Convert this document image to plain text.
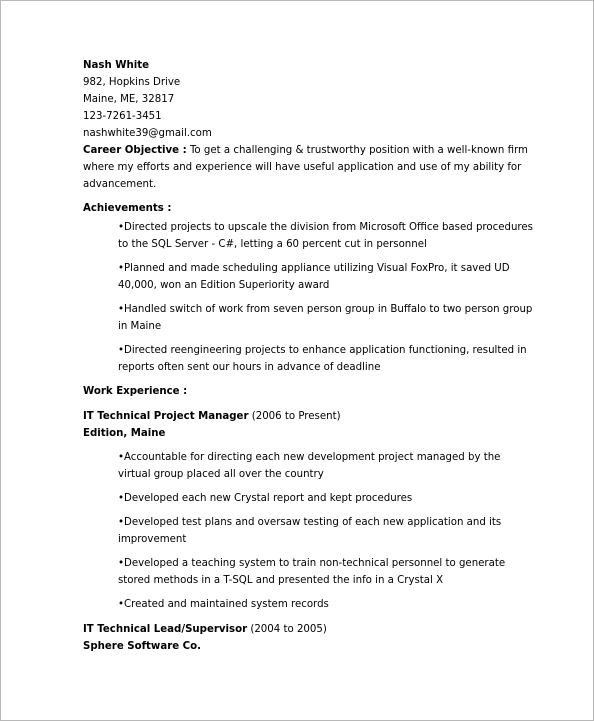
Nash White
982, Hopkins Drive
Maine, ME, 32817
123-7261-3451
nashwhite39@gmail.com
Career Objective : To get a challenging & trustworthy position with a well-known firm where my efforts and experience will have useful application and use of my ability for advancement.
Achievements :
•Directed projects to upscale the division from Microsoft Office based procedures to the SQL Server - C#, letting a 60 percent cut in personnel
•Planned and made scheduling appliance utilizing Visual FoxPro, it saved UD 40,000, won an Edition Superiority award
•Handled switch of work from seven person group in Buffalo to two person group in Maine
•Directed reengineering projects to enhance application functioning, resulted in reports often sent our hours in advance of deadline
Work Experience :
IT Technical Project Manager (2006 to Present)
Edition, Maine
•Accountable for directing each new development project managed by the virtual group placed all over the country
•Developed each new Crystal report and kept procedures
•Developed test plans and oversaw testing of each new application and its improvement
•Developed a teaching system to train non-technical personnel to generate stored methods in a T-SQL and presented the info in a Crystal X
•Created and maintained system records
IT Technical Lead/Supervisor (2004 to 2005)
Sphere Software Co.
